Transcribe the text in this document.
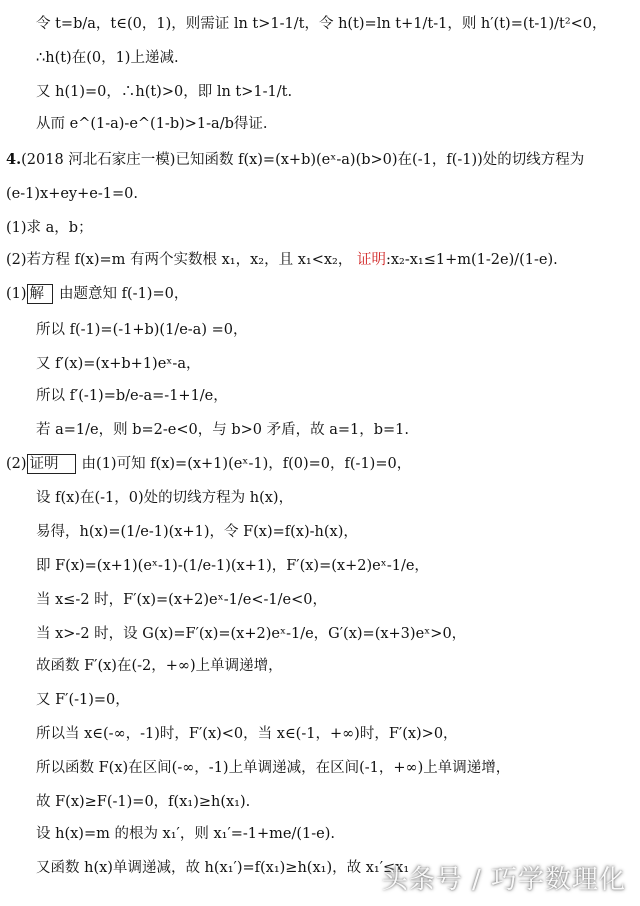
令 t=b/a，t∈(0，1)，则需证 ln t>1-1/t，令 h(t)=ln t+1/t-1，则 h′(t)=(t-1)/t²<0，
∴h(t)在(0，1)上递减.
又 h(1)=0，∴h(t)>0，即 ln t>1-1/t.
从而 e^(1-a)-e^(1-b)>1-a/b得证.
4.(2018 河北石家庄一模)已知函数 f(x)=(x+b)(eˣ-a)(b>0)在(-1，f(-1))处的切线方程为
(e-1)x+ey+e-1=0.
(1)求 a，b；
(2)若方程 f(x)=m 有两个实数根 x₁，x₂，且 x₁<x₂， 证明:x₂-x₁≤1+m(1-2e)/(1-e).
(1) 解 由题意知 f(-1)=0，
所以 f(-1)=(-1+b)(1/e-a) =0，
又 f′(x)=(x+b+1)eˣ-a，
所以 f′(-1)=b/e-a=-1+1/e，
若 a=1/e，则 b=2-e<0，与 b>0 矛盾，故 a=1，b=1.
(2) 证明 由(1)可知 f(x)=(x+1)(eˣ-1)，f(0)=0，f(-1)=0，
设 f(x)在(-1，0)处的切线方程为 h(x)，
易得，h(x)=(1/e-1)(x+1)，令 F(x)=f(x)-h(x)，
即 F(x)=(x+1)(eˣ-1)-(1/e-1)(x+1)，F′(x)=(x+2)eˣ-1/e，
当 x≤-2 时，F′(x)=(x+2)eˣ-1/e<-1/e<0，
当 x>-2 时，设 G(x)=F′(x)=(x+2)eˣ-1/e，G′(x)=(x+3)eˣ>0，
故函数 F′(x)在(-2，+∞)上单调递增，
又 F′(-1)=0，
所以当 x∈(-∞，-1)时，F′(x)<0，当 x∈(-1，+∞)时，F′(x)>0，
所以函数 F(x)在区间(-∞，-1)上单调递减，在区间(-1，+∞)上单调递增，
故 F(x)≥F(-1)=0，f(x₁)≥h(x₁).
设 h(x)=m 的根为 x₁′，则 x₁′=-1+me/(1-e).
又函数 h(x)单调递减，故 h(x₁′)=f(x₁)≥h(x₁)，故 x₁′≤x₁
头条号 / 巧学数理化
